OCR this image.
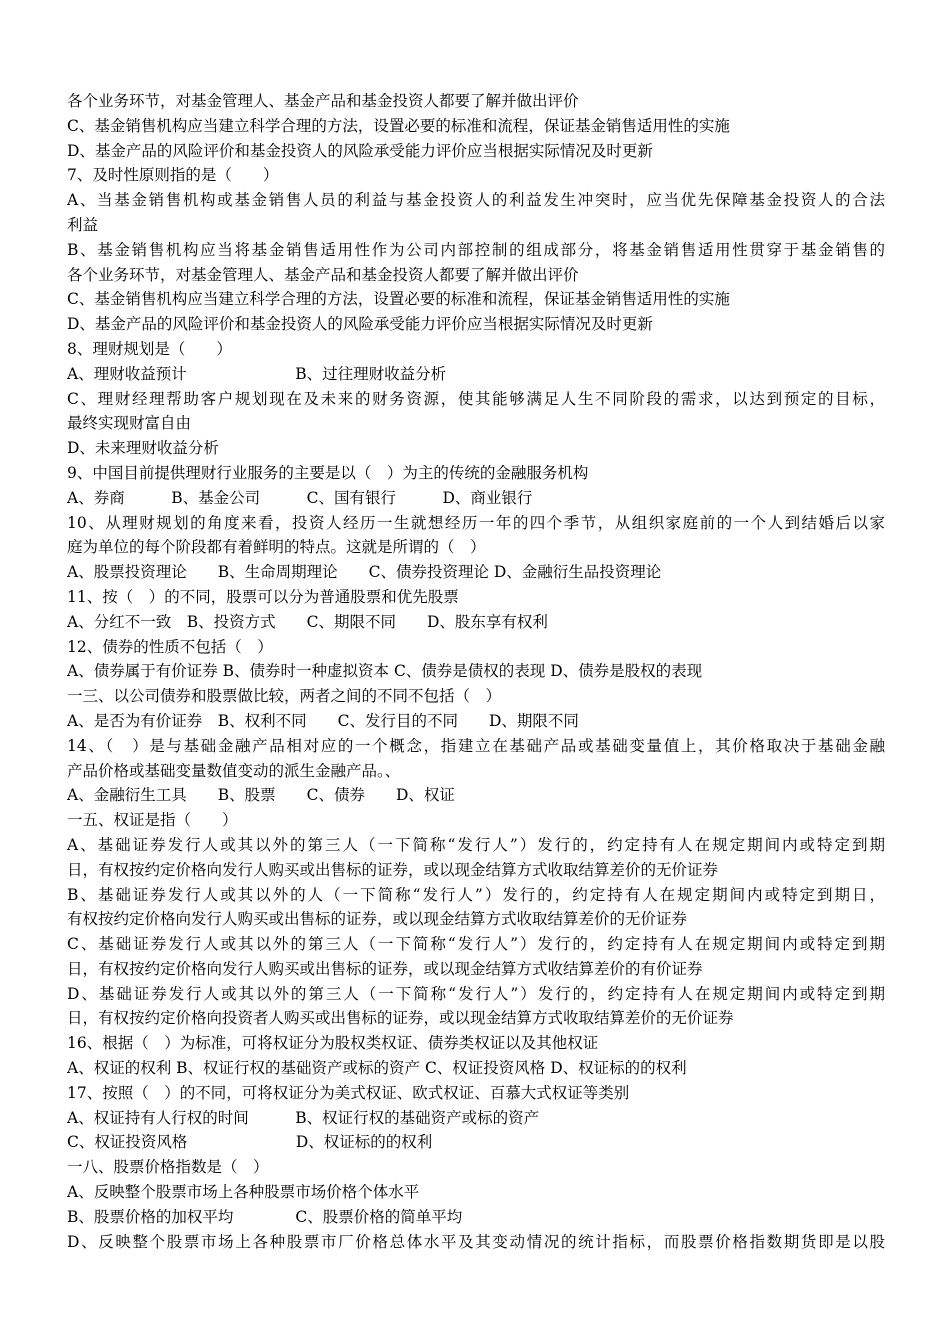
各个业务环节，对基金管理人、基金产品和基金投资人都要了解并做出评价
C、基金销售机构应当建立科学合理的方法，设置必要的标准和流程，保证基金销售适用性的实施
D、基金产品的风险评价和基金投资人的风险承受能力评价应当根据实际情况及时更新
7、及时性原则指的是（　　）
A、当基金销售机构或基金销售人员的利益与基金投资人的利益发生冲突时，应当优先保障基金投资人的合法
利益
B、基金销售机构应当将基金销售适用性作为公司内部控制的组成部分，将基金销售适用性贯穿于基金销售的
各个业务环节，对基金管理人、基金产品和基金投资人都要了解并做出评价
C、基金销售机构应当建立科学合理的方法，设置必要的标准和流程，保证基金销售适用性的实施
D、基金产品的风险评价和基金投资人的风险承受能力评价应当根据实际情况及时更新
8、理财规划是（　　）
A、理财收益预计　　　　　　　B、过往理财收益分析
C、理财经理帮助客户规划现在及未来的财务资源，使其能够满足人生不同阶段的需求，以达到预定的目标，
最终实现财富自由
D、未来理财收益分析
9、中国目前提供理财行业服务的主要是以（　）为主的传统的金融服务机构
A、券商　　　B、基金公司　　　C、国有银行　　　D、商业银行
10、从理财规划的角度来看，投资人经历一生就想经历一年的四个季节，从组织家庭前的一个人到结婚后以家
庭为单位的每个阶段都有着鲜明的特点。这就是所谓的（　）
A、股票投资理论　　B、生命周期理论　　C、债券投资理论 D、金融衍生品投资理论
11、按（　）的不同，股票可以分为普通股票和优先股票
A、分红不一致　B、投资方式　　C、期限不同　　D、股东享有权利
12、债券的性质不包括（　）
A、债券属于有价证券 B、债券时一种虚拟资本 C、债券是债权的表现 D、债券是股权的表现
一三、以公司债券和股票做比较，两者之间的不同不包括（　）
A、是否为有价证券　B、权利不同　　C、发行目的不同　　D、期限不同
14、（　）是与基础金融产品相对应的一个概念，指建立在基础产品或基础变量值上，其价格取决于基础金融
产品价格或基础变量数值变动的派生金融产品。、
A、金融衍生工具　　B、股票　　C、债券　　D、权证
一五、权证是指（　　）
A、基础证券发行人或其以外的第三人（一下简称“发行人”）发行的，约定持有人在规定期间内或特定到期
日，有权按约定价格向发行人购买或出售标的证券，或以现金结算方式收取结算差价的无价证券
B、基础证券发行人或其以外的人（一下简称“发行人”）发行的，约定持有人在规定期间内或特定到期日，
有权按约定价格向发行人购买或出售标的证券，或以现金结算方式收取结算差价的无价证券
C、基础证券发行人或其以外的第三人（一下简称“发行人”）发行的，约定持有人在规定期间内或特定到期
日，有权按约定价格向发行人购买或出售标的证券，或以现金结算方式收结算差价的有价证券
D、基础证券发行人或其以外的第三人（一下简称“发行人”）发行的，约定持有人在规定期间内或特定到期
日，有权按约定价格向投资者人购买或出售标的证券，或以现金结算方式收取结算差价的无价证券
16、根据（　）为标准，可将权证分为股权类权证、债券类权证以及其他权证
A、权证的权利 B、权证行权的基础资产或标的资产 C、权证投资风格 D、权证标的的权利
17、按照（　）的不同，可将权证分为美式权证、欧式权证、百慕大式权证等类别
A、权证持有人行权的时间　　　B、权证行权的基础资产或标的资产
C、权证投资风格　　　　　　　D、权证标的的权利
一八、股票价格指数是（　）
A、反映整个股票市场上各种股票市场价格个体水平
B、股票价格的加权平均　　　　C、股票价格的简单平均
D、反映整个股票市场上各种股票市厂价格总体水平及其变动情况的统计指标，而股票价格指数期货即是以股
